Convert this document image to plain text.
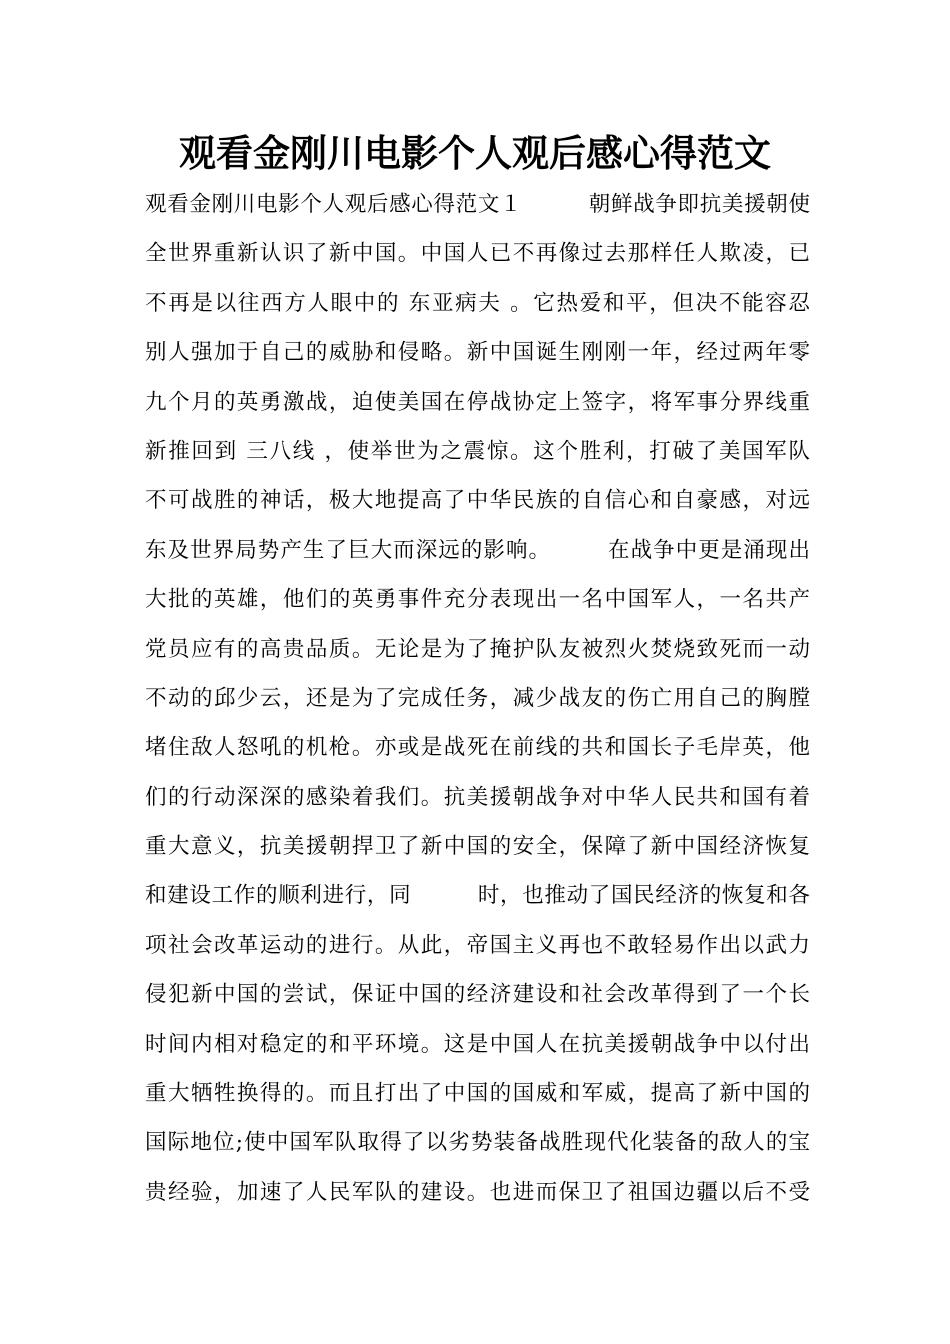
观看金刚川电影个人观后感心得范文
观看金刚川电影个人观后感心得范文１　　　朝鲜战争即抗美援朝使
全世界重新认识了新中国。中国人已不再像过去那样任人欺凌，已
不再是以往西方人眼中的 东亚病夫 。它热爱和平，但决不能容忍
别人强加于自己的威胁和侵略。新中国诞生刚刚一年，经过两年零
九个月的英勇激战，迫使美国在停战协定上签字，将军事分界线重
新推回到 三八线 ，使举世为之震惊。这个胜利，打破了美国军队
不可战胜的神话，极大地提高了中华民族的自信心和自豪感，对远
东及世界局势产生了巨大而深远的影响。　　　在战争中更是涌现出
大批的英雄，他们的英勇事件充分表现出一名中国军人，一名共产
党员应有的高贵品质。无论是为了掩护队友被烈火焚烧致死而一动
不动的邱少云，还是为了完成任务，减少战友的伤亡用自己的胸膛
堵住敌人怒吼的机枪。亦或是战死在前线的共和国长子毛岸英，他
们的行动深深的感染着我们。抗美援朝战争对中华人民共和国有着
重大意义，抗美援朝捍卫了新中国的安全，保障了新中国经济恢复
和建设工作的顺利进行，同　　　时，也推动了国民经济的恢复和各
项社会改革运动的进行。从此，帝国主义再也不敢轻易作出以武力
侵犯新中国的尝试，保证中国的经济建设和社会改革得到了一个长
时间内相对稳定的和平环境。这是中国人在抗美援朝战争中以付出
重大牺牲换得的。而且打出了中国的国威和军威，提高了新中国的
国际地位;使中国军队取得了以劣势装备战胜现代化装备的敌人的宝
贵经验，加速了人民军队的建设。也进而保卫了祖国边疆以后不受
